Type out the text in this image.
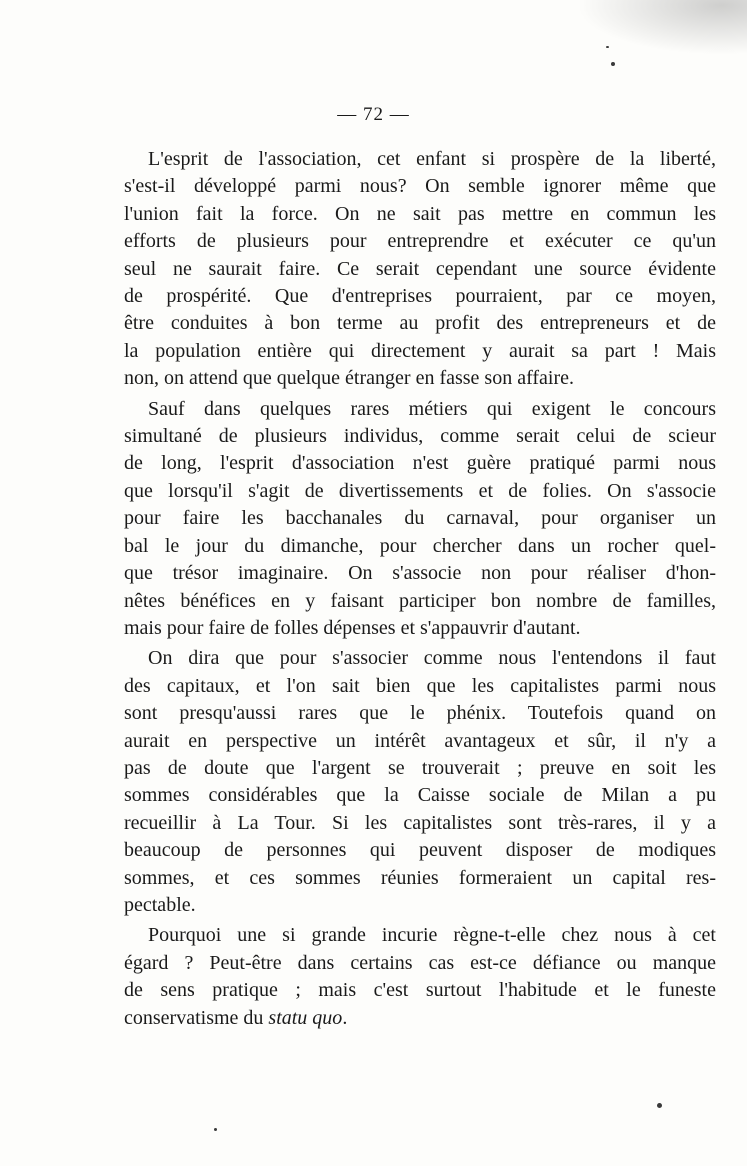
— 72 —

L'esprit de l'association, cet enfant si prospère de la liberté,
s'est-il développé parmi nous? On semble ignorer même que
l'union fait la force. On ne sait pas mettre en commun les
efforts de plusieurs pour entreprendre et exécuter ce qu'un
seul ne saurait faire. Ce serait cependant une source évidente
de prospérité. Que d'entreprises pourraient, par ce moyen,
être conduites à bon terme au profit des entrepreneurs et de
la population entière qui directement y aurait sa part ! Mais
non, on attend que quelque étranger en fasse son affaire.

Sauf dans quelques rares métiers qui exigent le concours
simultané de plusieurs individus, comme serait celui de scieur
de long, l'esprit d'association n'est guère pratiqué parmi nous
que lorsqu'il s'agit de divertissements et de folies. On s'associe
pour faire les bacchanales du carnaval, pour organiser un
bal le jour du dimanche, pour chercher dans un rocher quel-
que trésor imaginaire. On s'associe non pour réaliser d'hon-
nêtes bénéfices en y faisant participer bon nombre de familles,
mais pour faire de folles dépenses et s'appauvrir d'autant.

On dira que pour s'associer comme nous l'entendons il faut
des capitaux, et l'on sait bien que les capitalistes parmi nous
sont presqu'aussi rares que le phénix. Toutefois quand on
aurait en perspective un intérêt avantageux et sûr, il n'y a
pas de doute que l'argent se trouverait ; preuve en soit les
sommes considérables que la Caisse sociale de Milan a pu
recueillir à La Tour. Si les capitalistes sont très-rares, il y a
beaucoup de personnes qui peuvent disposer de modiques
sommes, et ces sommes réunies formeraient un capital res-
pectable.

Pourquoi une si grande incurie règne-t-elle chez nous à cet
égard ? Peut-être dans certains cas est-ce défiance ou manque
de sens pratique ; mais c'est surtout l'habitude et le funeste
conservatisme du statu quo.
